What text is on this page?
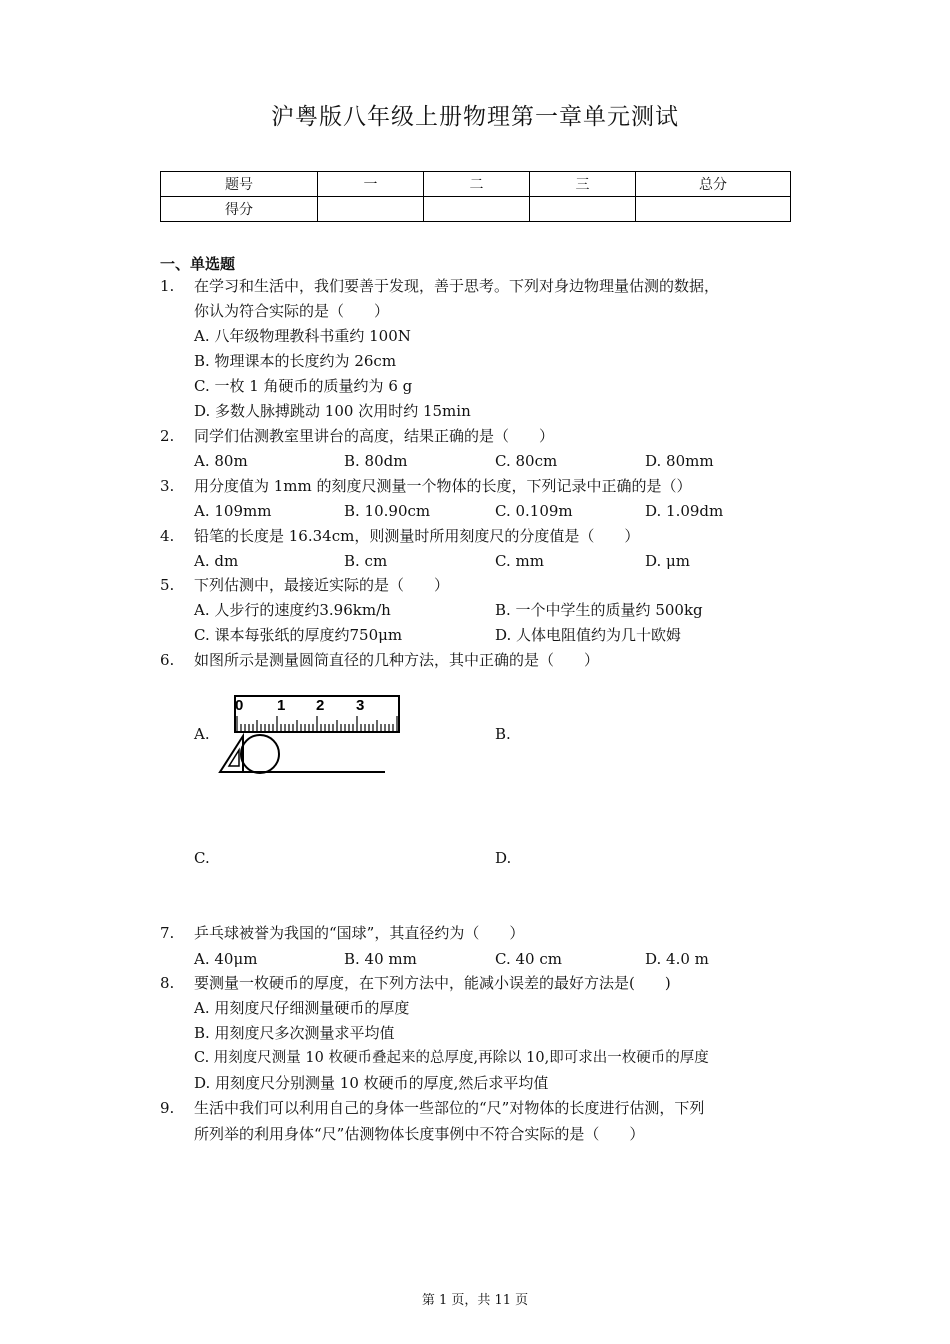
沪粤版八年级上册物理第一章单元测试
题号	一	二	三	总分
得分				
一、单选题
1. 在学习和生活中，我们要善于发现，善于思考。下列对身边物理量估测的数据，
你认为符合实际的是（　　）
A. 八年级物理教科书重约 100N
B. 物理课本的长度约为 26cm
C. 一枚 1 角硬币的质量约为 6 g
D. 多数人脉搏跳动 100 次用时约 15min
2. 同学们估测教室里讲台的高度，结果正确的是（　　）
A. 80m	B. 80dm	C. 80cm	D. 80mm
3. 用分度值为 1mm 的刻度尺测量一个物体的长度，下列记录中正确的是（）
A. 109mm	B. 10.90cm	C. 0.109m	D. 1.09dm
4. 铅笔的长度是 16.34cm，则测量时所用刻度尺的分度值是（　　）
A. dm	B. cm	C. mm	D. μm
5. 下列估测中，最接近实际的是（　　）
A. 人步行的速度约3.96km/h	B. 一个中学生的质量约 500kg
C. 课本每张纸的厚度约750μm	D. 人体电阻值约为几十欧姆
6. 如图所示是测量圆筒直径的几种方法，其中正确的是（　　）
A.	B.
C.	D.
0 1 2 3
7. 乒乓球被誉为我国的“国球”，其直径约为（　　）
A. 40μm	B. 40 mm	C. 40 cm	D. 4.0 m
8. 要测量一枚硬币的厚度，在下列方法中，能减小误差的最好方法是(　　)
A. 用刻度尺仔细测量硬币的厚度
B. 用刻度尺多次测量求平均值
C. 用刻度尺测量 10 枚硬币叠起来的总厚度,再除以 10,即可求出一枚硬币的厚度
D. 用刻度尺分别测量 10 枚硬币的厚度,然后求平均值
9. 生活中我们可以利用自己的身体一些部位的“尺”对物体的长度进行估测，下列
所列举的利用身体“尺”估测物体长度事例中不符合实际的是（　　）
第 1 页，共 11 页
